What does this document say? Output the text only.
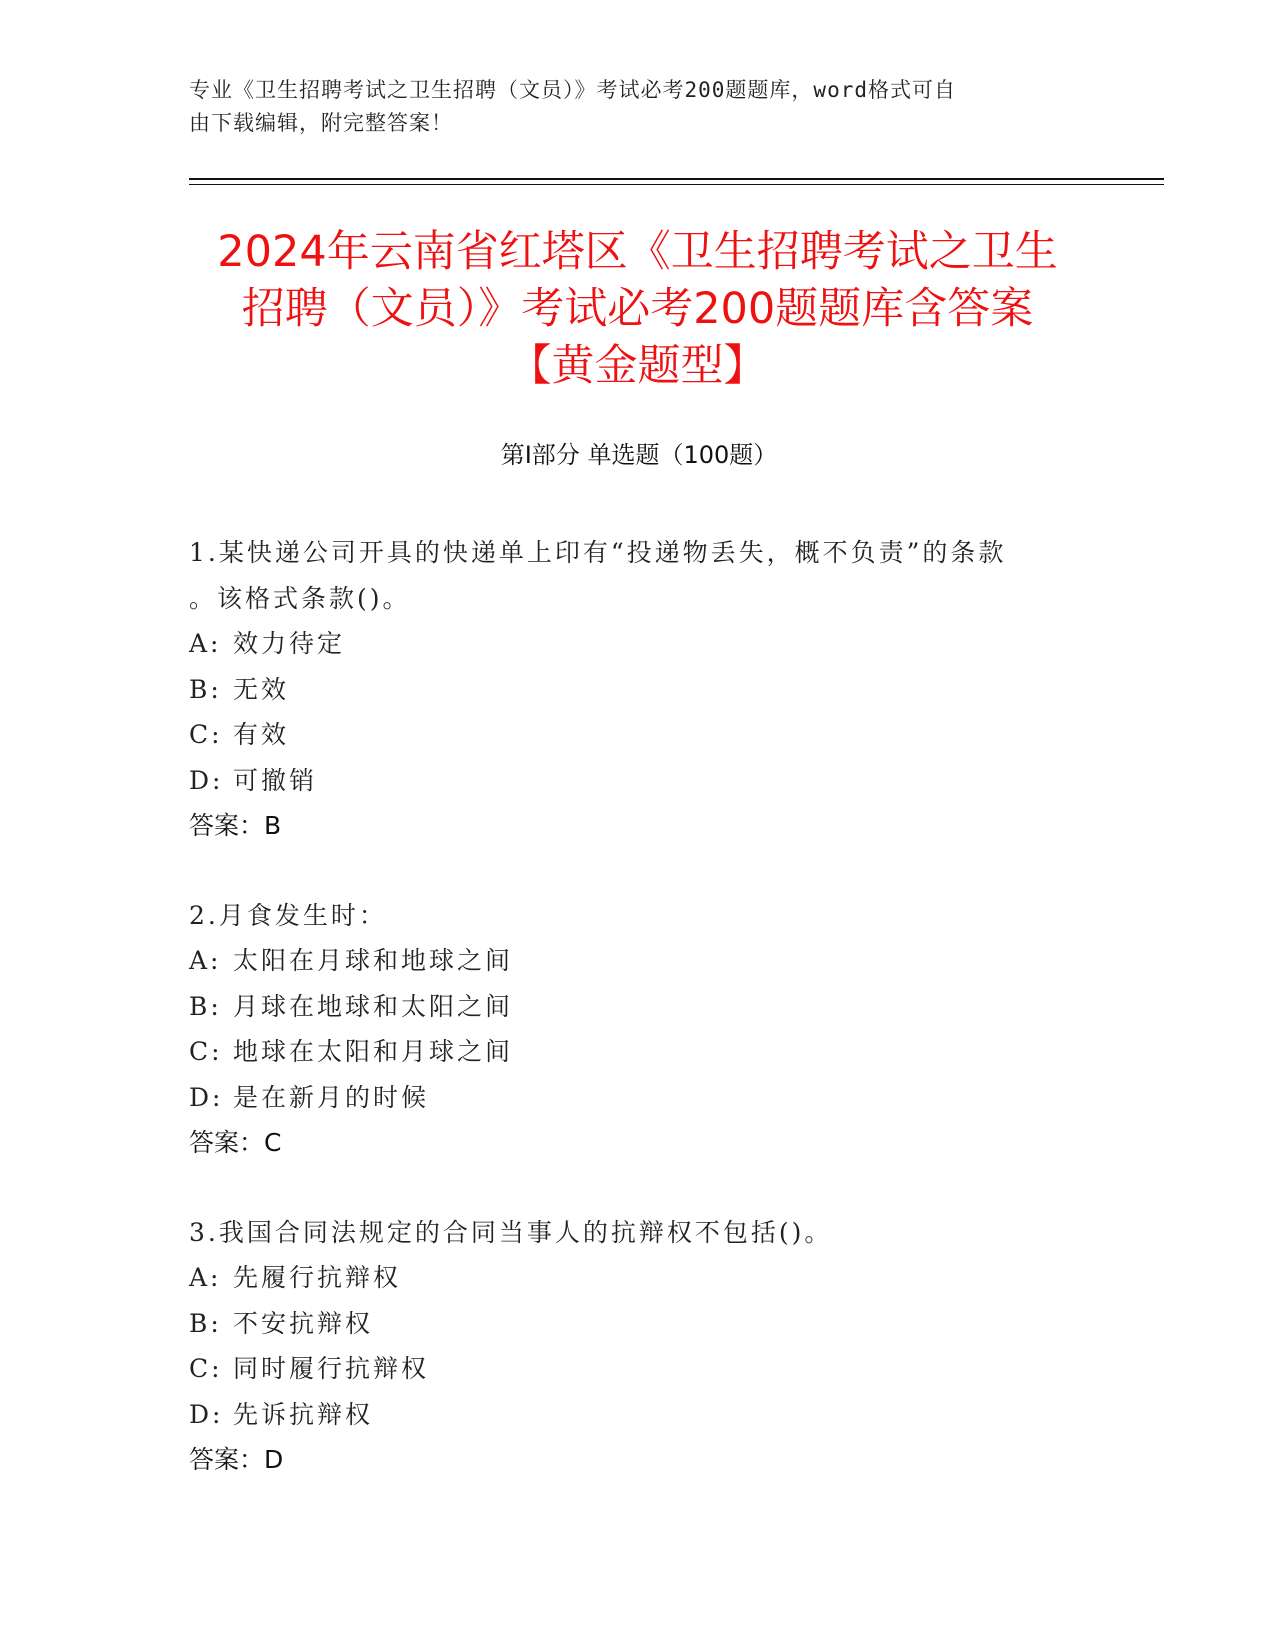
专业《卫生招聘考试之卫生招聘（文员）》考试必考200题题库，word格式可自
由下载编辑，附完整答案！
2024年云南省红塔区《卫生招聘考试之卫生
招聘（文员）》考试必考200题题库含答案
【黄金题型】
第Ⅰ部分 单选题（100题）
1.某快递公司开具的快递单上印有“投递物丢失，概不负责”的条款
。该格式条款()。
A: 效力待定
B: 无效
C: 有效
D: 可撤销
答案：B
2.月食发生时：
A: 太阳在月球和地球之间
B: 月球在地球和太阳之间
C: 地球在太阳和月球之间
D: 是在新月的时候
答案：C
3.我国合同法规定的合同当事人的抗辩权不包括()。
A: 先履行抗辩权
B: 不安抗辩权
C: 同时履行抗辩权
D: 先诉抗辩权
答案：D
